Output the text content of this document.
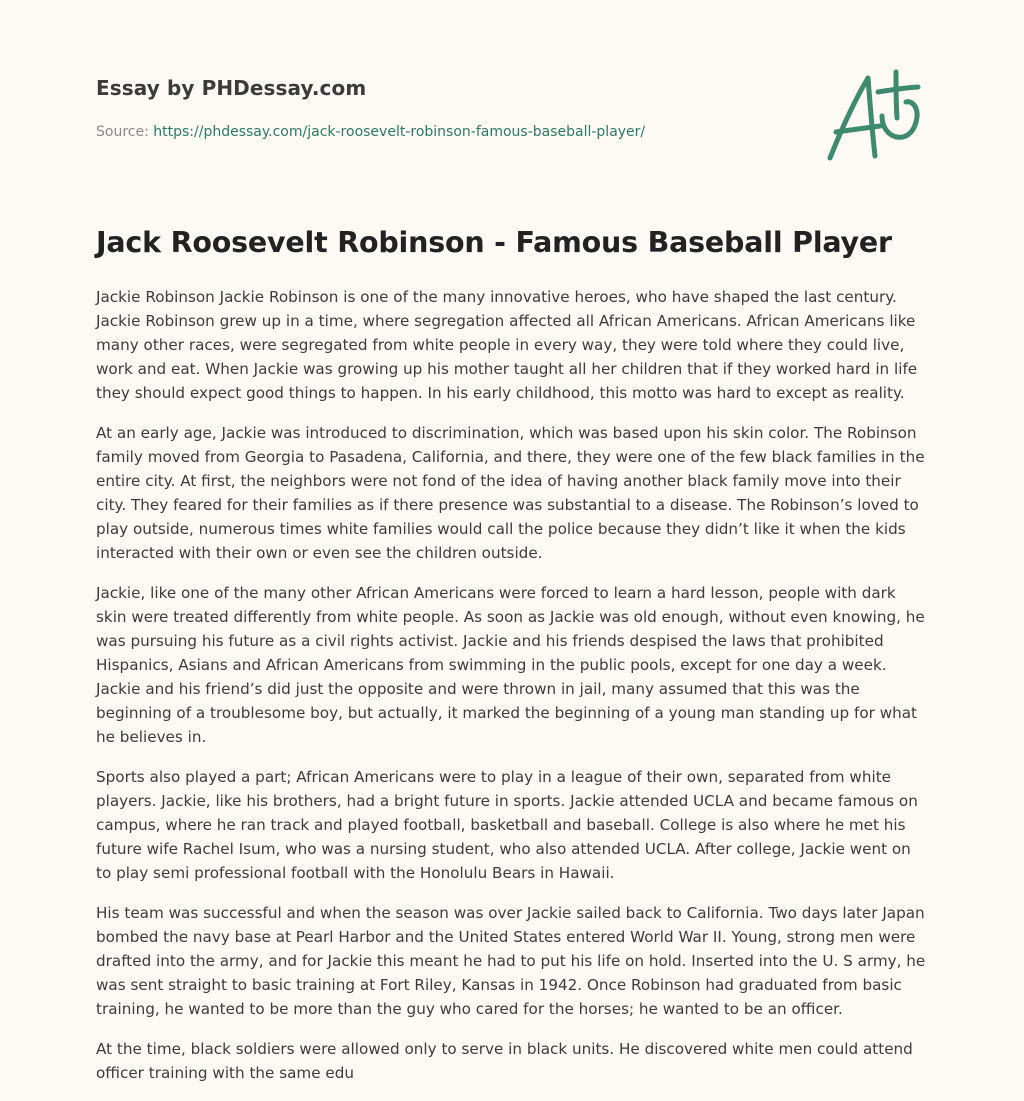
Essay by PHDessay.com

Source: https://phdessay.com/jack-roosevelt-robinson-famous-baseball-player/
Jack Roosevelt Robinson - Famous Baseball Player

Jackie Robinson Jackie Robinson is one of the many innovative heroes, who have shaped the last century. Jackie Robinson grew up in a time, where segregation affected all African Americans. African Americans like many other races, were segregated from white people in every way, they were told where they could live, work and eat. When Jackie was growing up his mother taught all her children that if they worked hard in life they should expect good things to happen. In his early childhood, this motto was hard to except as reality.

At an early age, Jackie was introduced to discrimination, which was based upon his skin color. The Robinson family moved from Georgia to Pasadena, California, and there, they were one of the few black families in the entire city. At first, the neighbors were not fond of the idea of having another black family move into their city. They feared for their families as if there presence was substantial to a disease. The Robinson’s loved to play outside, numerous times white families would call the police because they didn’t like it when the kids interacted with their own or even see the children outside.

Jackie, like one of the many other African Americans were forced to learn a hard lesson, people with dark skin were treated differently from white people. As soon as Jackie was old enough, without even knowing, he was pursuing his future as a civil rights activist. Jackie and his friends despised the laws that prohibited Hispanics, Asians and African Americans from swimming in the public pools, except for one day a week. Jackie and his friend’s did just the opposite and were thrown in jail, many assumed that this was the beginning of a troublesome boy, but actually, it marked the beginning of a young man standing up for what he believes in.

Sports also played a part; African Americans were to play in a league of their own, separated from white players. Jackie, like his brothers, had a bright future in sports. Jackie attended UCLA and became famous on campus, where he ran track and played football, basketball and baseball. College is also where he met his future wife Rachel Isum, who was a nursing student, who also attended UCLA. After college, Jackie went on to play semi professional football with the Honolulu Bears in Hawaii.

His team was successful and when the season was over Jackie sailed back to California. Two days later Japan bombed the navy base at Pearl Harbor and the United States entered World War II. Young, strong men were drafted into the army, and for Jackie this meant he had to put his life on hold. Inserted into the U. S army, he was sent straight to basic training at Fort Riley, Kansas in 1942. Once Robinson had graduated from basic training, he wanted to be more than the guy who cared for the horses; he wanted to be an officer.

At the time, black soldiers were allowed only to serve in black units. He discovered white men could attend officer training with the same edu
